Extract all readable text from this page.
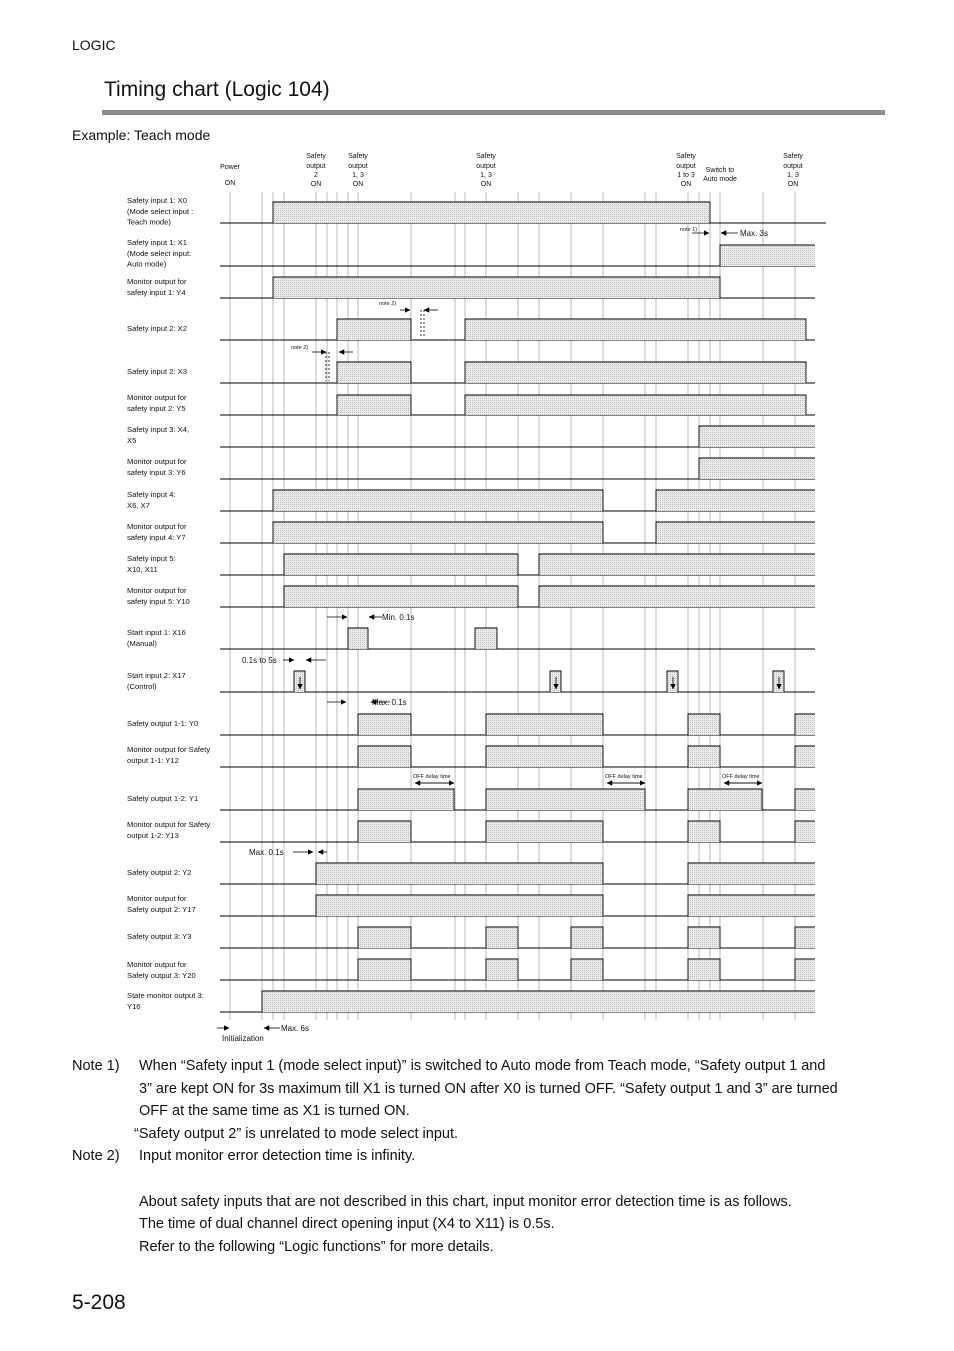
LOGIC
Timing chart (Logic 104)
Example: Teach mode
Power
ON
Safety
output
2
ON
Safety
output
1, 3
ON
Safety
output
1, 3
ON
Safety
output
1 to 3
ON
Switch to
Auto mode
Safety
output
1, 3
ON
Safety input 1: X0
(Mode select input :
Teach mode)
Safety input 1: X1
(Mode select input:
Auto mode)
Monitor output for
safety input 1: Y4
Safety input 2: X2
Safety input 2: X3
Monitor output for
safety input 2: Y5
Safety input 3: X4,
X5
Monitor output for
safety input 3: Y6
Safety input 4:
X6, X7
Monitor output for
safety input 4: Y7
Safety input 5:
X10, X11
Monitor output for
safety input 5: Y10
Start input 1: X16
(Manual)
Start input 2: X17
(Control)
Safety output 1-1: Y0
Monitor output for Safety
output 1-1: Y12
Safety output 1-2: Y1
Monitor output for Safety
output 1-2: Y13
Safety output 2: Y2
Monitor output for
Safety output 2: Y17
Safety output 3: Y3
Monitor output for
Safety output 3: Y20
State monitor output 3:
Y16
note 1)	Max. 3s
note 2)
note 2)
Min. 0.1s
0.1s to 5s
Max. 0.1s
OFF delay time	OFF delay time	OFF delay time
Max. 0.1s
Max. 6s
Initialization
Note 1)	When “Safety input 1 (mode select input)” is switched to Auto mode from Teach mode, “Safety output 1 and
3” are kept ON for 3s maximum till X1 is turned ON after X0 is turned OFF. “Safety output 1 and 3” are turned
OFF at the same time as X1 is turned ON.
“Safety output 2” is unrelated to mode select input.
Note 2)	Input monitor error detection time is infinity.
About safety inputs that are not described in this chart, input monitor error detection time is as follows.
The time of dual channel direct opening input (X4 to X11) is 0.5s.
Refer to the following “Logic functions” for more details.
5-208
